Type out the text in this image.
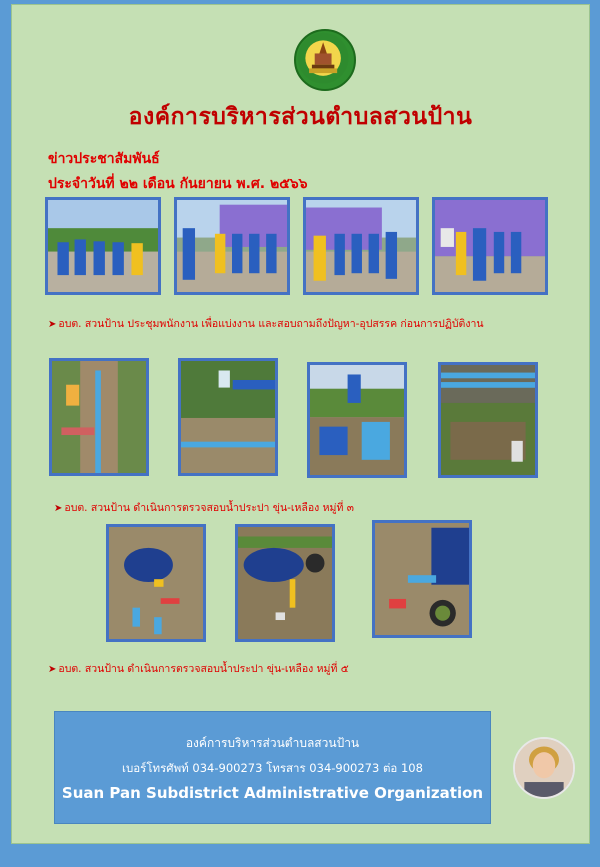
องค์การบริหารส่วนตำบลสวนป้าน
ข่าวประชาสัมพันธ์
ประจำวันที่ ๒๒ เดือน กันยายน พ.ศ. ๒๕๖๖
➤ อบต. สวนป้าน ประชุมพนักงาน เพื่อแบ่งงาน และสอบถามถึงปัญหา-อุปสรรค ก่อนการปฏิบัติงาน
➤ อบต. สวนป้าน ดำเนินการตรวจสอบน้ำประปา ขุ่น-เหลือง หมู่ที่ ๓
➤ อบต. สวนป้าน ดำเนินการตรวจสอบน้ำประปา ขุ่น-เหลือง หมู่ที่ ๕
องค์การบริหารส่วนตำบลสวนป้าน
เบอร์โทรศัพท์ 034-900273 โทรสาร 034-900273 ต่อ 108
Suan Pan Subdistrict Administrative Organization
